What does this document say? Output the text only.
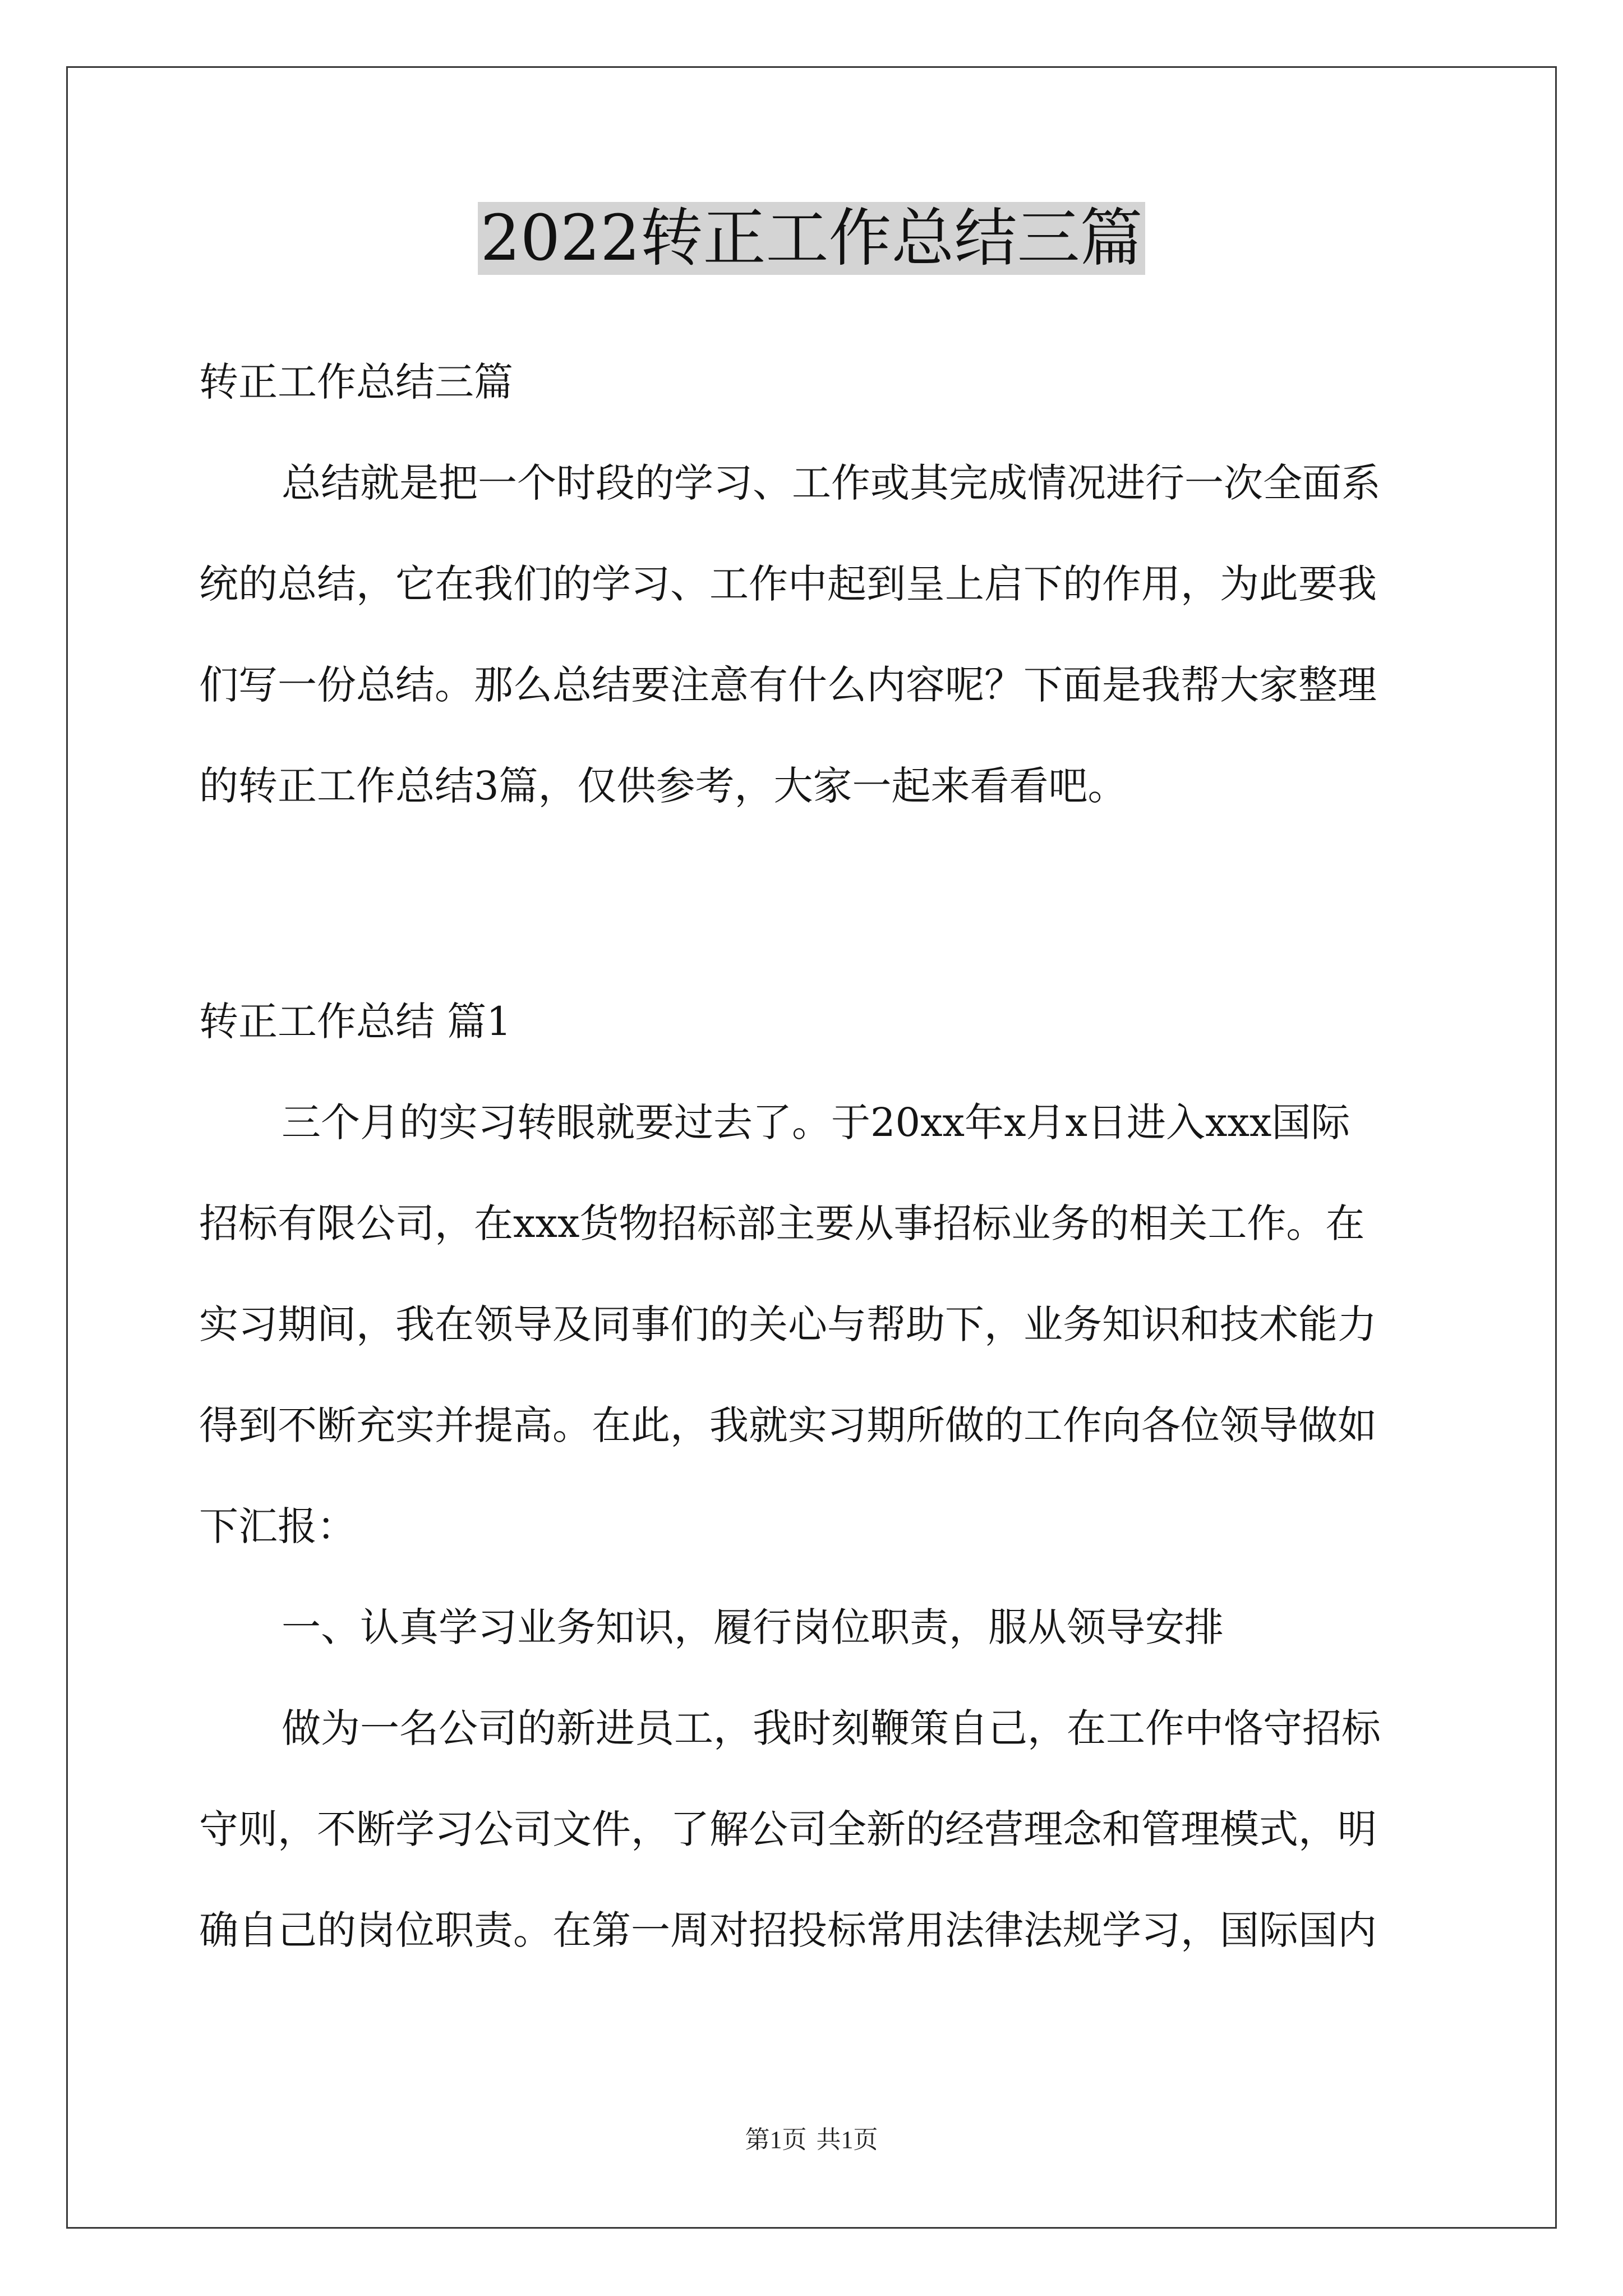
2022转正工作总结三篇
转正工作总结三篇
总结就是把一个时段的学习、工作或其完成情况进行一次全面系
统的总结，它在我们的学习、工作中起到呈上启下的作用，为此要我
们写一份总结。那么总结要注意有什么内容呢？下面是我帮大家整理
的转正工作总结3篇，仅供参考，大家一起来看看吧。
转正工作总结 篇1
三个月的实习转眼就要过去了。于20xx年x月x日进入xxx国际
招标有限公司，在xxx货物招标部主要从事招标业务的相关工作。在
实习期间，我在领导及同事们的关心与帮助下，业务知识和技术能力
得到不断充实并提高。在此，我就实习期所做的工作向各位领导做如
下汇报：
一、认真学习业务知识，履行岗位职责，服从领导安排
做为一名公司的新进员工，我时刻鞭策自己，在工作中恪守招标
守则，不断学习公司文件，了解公司全新的经营理念和管理模式，明
确自己的岗位职责。在第一周对招投标常用法律法规学习，国际国内
第1页 共1页
